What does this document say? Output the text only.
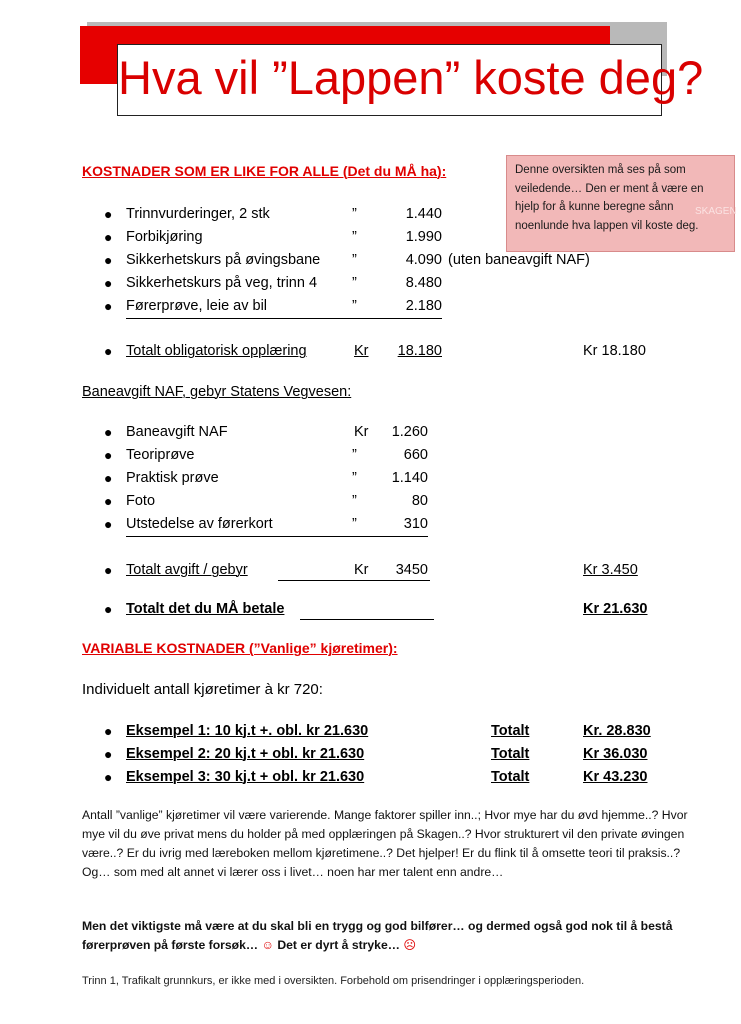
Hva vil ”Lappen” koste deg?
Denne oversikten må ses på som veiledende… Den er ment å være en hjelp for å kunne beregne sånn noenlunde hva lappen vil koste deg.
SKAGEN
KOSTNADER SOM ER LIKE FOR ALLE (Det du MÅ ha):
● Trinnvurderinger, 2 stk	”	1.440
● Forbikjøring	”	1.990
● Sikkerhetskurs på øvingsbane ”	4.090 (uten baneavgift NAF)
● Sikkerhetskurs på veg, trinn 4 ”	8.480
● Førerprøve, leie av bil	”	2.180
● Totalt obligatorisk opplæring	Kr	18.180	Kr 18.180
Baneavgift NAF, gebyr Statens Vegvesen:
● Baneavgift NAF	Kr	1.260
● Teoriprøve	”	660
● Praktisk prøve	”	1.140
● Foto	”	80
● Utstedelse av førerkort	”	310
● Totalt avgift / gebyr	Kr	3450	Kr 3.450
● Totalt det du MÅ betale	Kr 21.630
VARIABLE KOSTNADER (”Vanlige” kjøretimer):
Individuelt antall kjøretimer à kr 720:
● Eksempel 1: 10 kj.t +. obl. kr 21.630	Totalt	Kr. 28.830
● Eksempel 2: 20 kj.t + obl. kr 21.630	Totalt	Kr 36.030
● Eksempel 3: 30 kj.t + obl. kr 21.630	Totalt	Kr 43.230
Antall ”vanlige” kjøretimer vil være varierende. Mange faktorer spiller inn..; Hvor mye har du øvd hjemme..? Hvor mye vil du øve privat mens du holder på med opplæringen på Skagen..? Hvor strukturert vil den private øvingen være..? Er du ivrig med læreboken mellom kjøretimene..? Det hjelper! Er du flink til å omsette teori til praksis..? Og… som med alt annet vi lærer oss i livet… noen har mer talent enn andre…
Men det viktigste må være at du skal bli en trygg og god bilfører… og dermed også god nok til å bestå førerprøven på første forsøk… ☺ Det er dyrt å stryke… ☹
Trinn 1, Trafikalt grunnkurs, er ikke med i oversikten. Forbehold om prisendringer i opplæringsperioden.
